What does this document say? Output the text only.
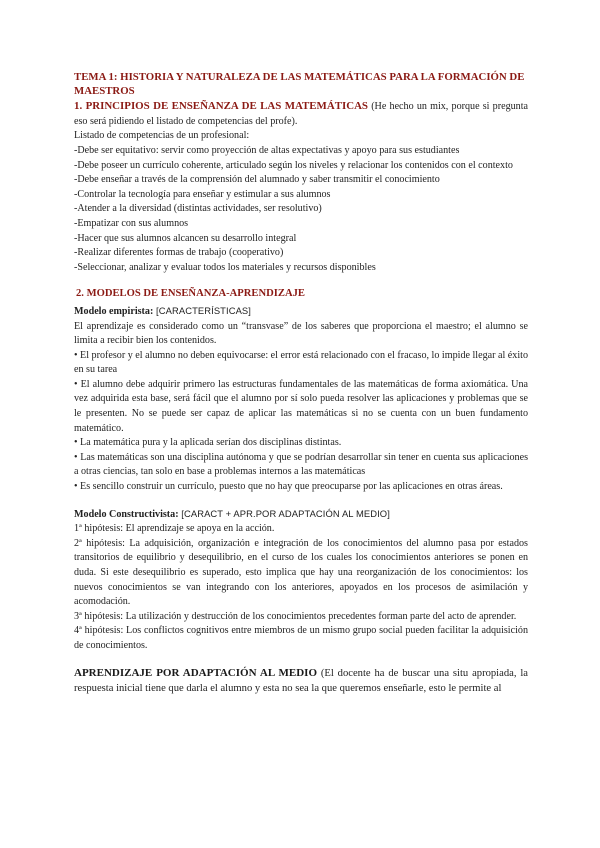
TEMA 1: HISTORIA Y NATURALEZA DE LAS MATEMÁTICAS PARA LA FORMACIÓN DE MAESTROS
1. PRINCIPIOS DE ENSEÑANZA DE LAS MATEMÁTICAS (He hecho un mix, porque si pregunta eso será pidiendo el listado de competencias del profe).
Listado de competencias de un profesional:
-Debe ser equitativo: servir como proyección de altas expectativas y apoyo para sus estudiantes
-Debe poseer un currículo coherente, articulado según los niveles y relacionar los contenidos con el contexto
-Debe enseñar a través de la comprensión del alumnado y saber transmitir el conocimiento
-Controlar la tecnología para enseñar y estimular a sus alumnos
-Atender a la diversidad (distintas actividades, ser resolutivo)
-Empatizar con sus alumnos
-Hacer que sus alumnos alcancen su desarrollo integral
-Realizar diferentes formas de trabajo (cooperativo)
-Seleccionar, analizar y evaluar todos los materiales y recursos disponibles
2. MODELOS DE ENSEÑANZA-APRENDIZAJE
Modelo empirista: [CARACTERÍSTICAS]
El aprendizaje es considerado como un “transvase” de los saberes que proporciona el maestro; el alumno se limita a recibir bien los contenidos.
• El profesor y el alumno no deben equivocarse: el error está relacionado con el fracaso, lo impide llegar al éxito en su tarea
• El alumno debe adquirir primero las estructuras fundamentales de las matemáticas de forma axiomática. Una vez adquirida esta base, será fácil que el alumno por sí solo pueda resolver las aplicaciones y problemas que se le presenten. No se puede ser capaz de aplicar las matemáticas si no se cuenta con un buen fundamento matemático.
• La matemática pura y la aplicada serían dos disciplinas distintas.
• Las matemáticas son una disciplina autónoma y que se podrían desarrollar sin tener en cuenta sus aplicaciones a otras ciencias, tan solo en base a problemas internos a las matemáticas
• Es sencillo construir un currículo, puesto que no hay que preocuparse por las aplicaciones en otras áreas.
Modelo Constructivista: [CARACT + APR.POR ADAPTACIÓN AL MEDIO]
1ª hipótesis: El aprendizaje se apoya en la acción.
2ª hipótesis: La adquisición, organización e integración de los conocimientos del alumno pasa por estados transitorios de equilibrio y desequilibrio, en el curso de los cuales los conocimientos anteriores se ponen en duda. Si este desequilibrio es superado, esto implica que hay una reorganización de los conocimientos: los nuevos conocimientos se van integrando con los anteriores, apoyados en los procesos de asimilación y acomodación.
3ª hipótesis: La utilización y destrucción de los conocimientos precedentes forman parte del acto de aprender.
4ª hipótesis: Los conflictos cognitivos entre miembros de un mismo grupo social pueden facilitar la adquisición de conocimientos.
APRENDIZAJE POR ADAPTACIÓN AL MEDIO (El docente ha de buscar una situ apropiada, la respuesta inicial tiene que darla el alumno y esta no sea la que queremos enseñarle, esto le permite al
